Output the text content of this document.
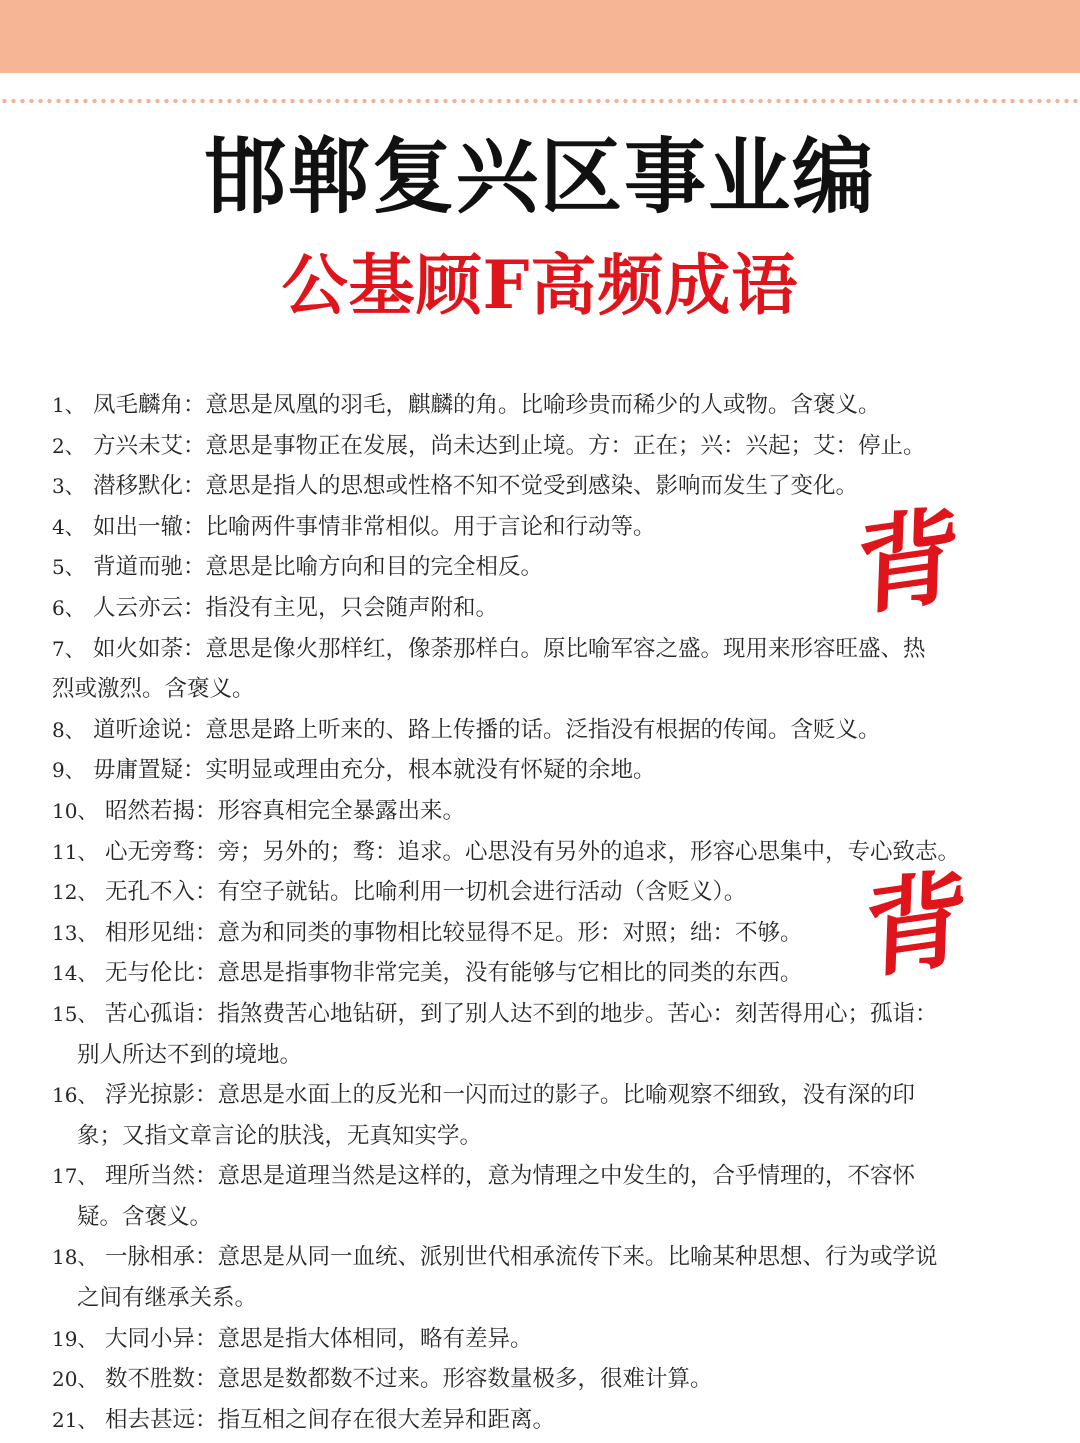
邯郸复兴区事业编
公基顾F高频成语
1、 凤毛麟角：意思是凤凰的羽毛，麒麟的角。比喻珍贵而稀少的人或物。含褒义。
2、 方兴未艾：意思是事物正在发展，尚未达到止境。方：正在；兴：兴起；艾：停止。
3、 潜移默化：意思是指人的思想或性格不知不觉受到感染、影响而发生了变化。
4、 如出一辙：比喻两件事情非常相似。用于言论和行动等。
5、 背道而驰：意思是比喻方向和目的完全相反。
6、 人云亦云：指没有主见，只会随声附和。
7、 如火如荼：意思是像火那样红，像荼那样白。原比喻军容之盛。现用来形容旺盛、热
烈或激烈。含褒义。
8、 道听途说：意思是路上听来的、路上传播的话。泛指没有根据的传闻。含贬义。
9、 毋庸置疑：实明显或理由充分，根本就没有怀疑的余地。
10、 昭然若揭：形容真相完全暴露出来。
11、 心无旁骛：旁；另外的；骛：追求。心思没有另外的追求，形容心思集中，专心致志。
12、 无孔不入：有空子就钻。比喻利用一切机会进行活动（含贬义）。
13、 相形见绌：意为和同类的事物相比较显得不足。形：对照；绌：不够。
14、 无与伦比：意思是指事物非常完美，没有能够与它相比的同类的东西。
15、 苦心孤诣：指煞费苦心地钻研，到了别人达不到的地步。苦心：刻苦得用心；孤诣：
别人所达不到的境地。
16、 浮光掠影：意思是水面上的反光和一闪而过的影子。比喻观察不细致，没有深的印
象；又指文章言论的肤浅，无真知实学。
17、 理所当然：意思是道理当然是这样的，意为情理之中发生的，合乎情理的，不容怀
疑。含褒义。
18、 一脉相承：意思是从同一血统、派别世代相承流传下来。比喻某种思想、行为或学说
之间有继承关系。
19、 大同小异：意思是指大体相同，略有差异。
20、 数不胜数：意思是数都数不过来。形容数量极多，很难计算。
21、 相去甚远：指互相之间存在很大差异和距离。
背
背
